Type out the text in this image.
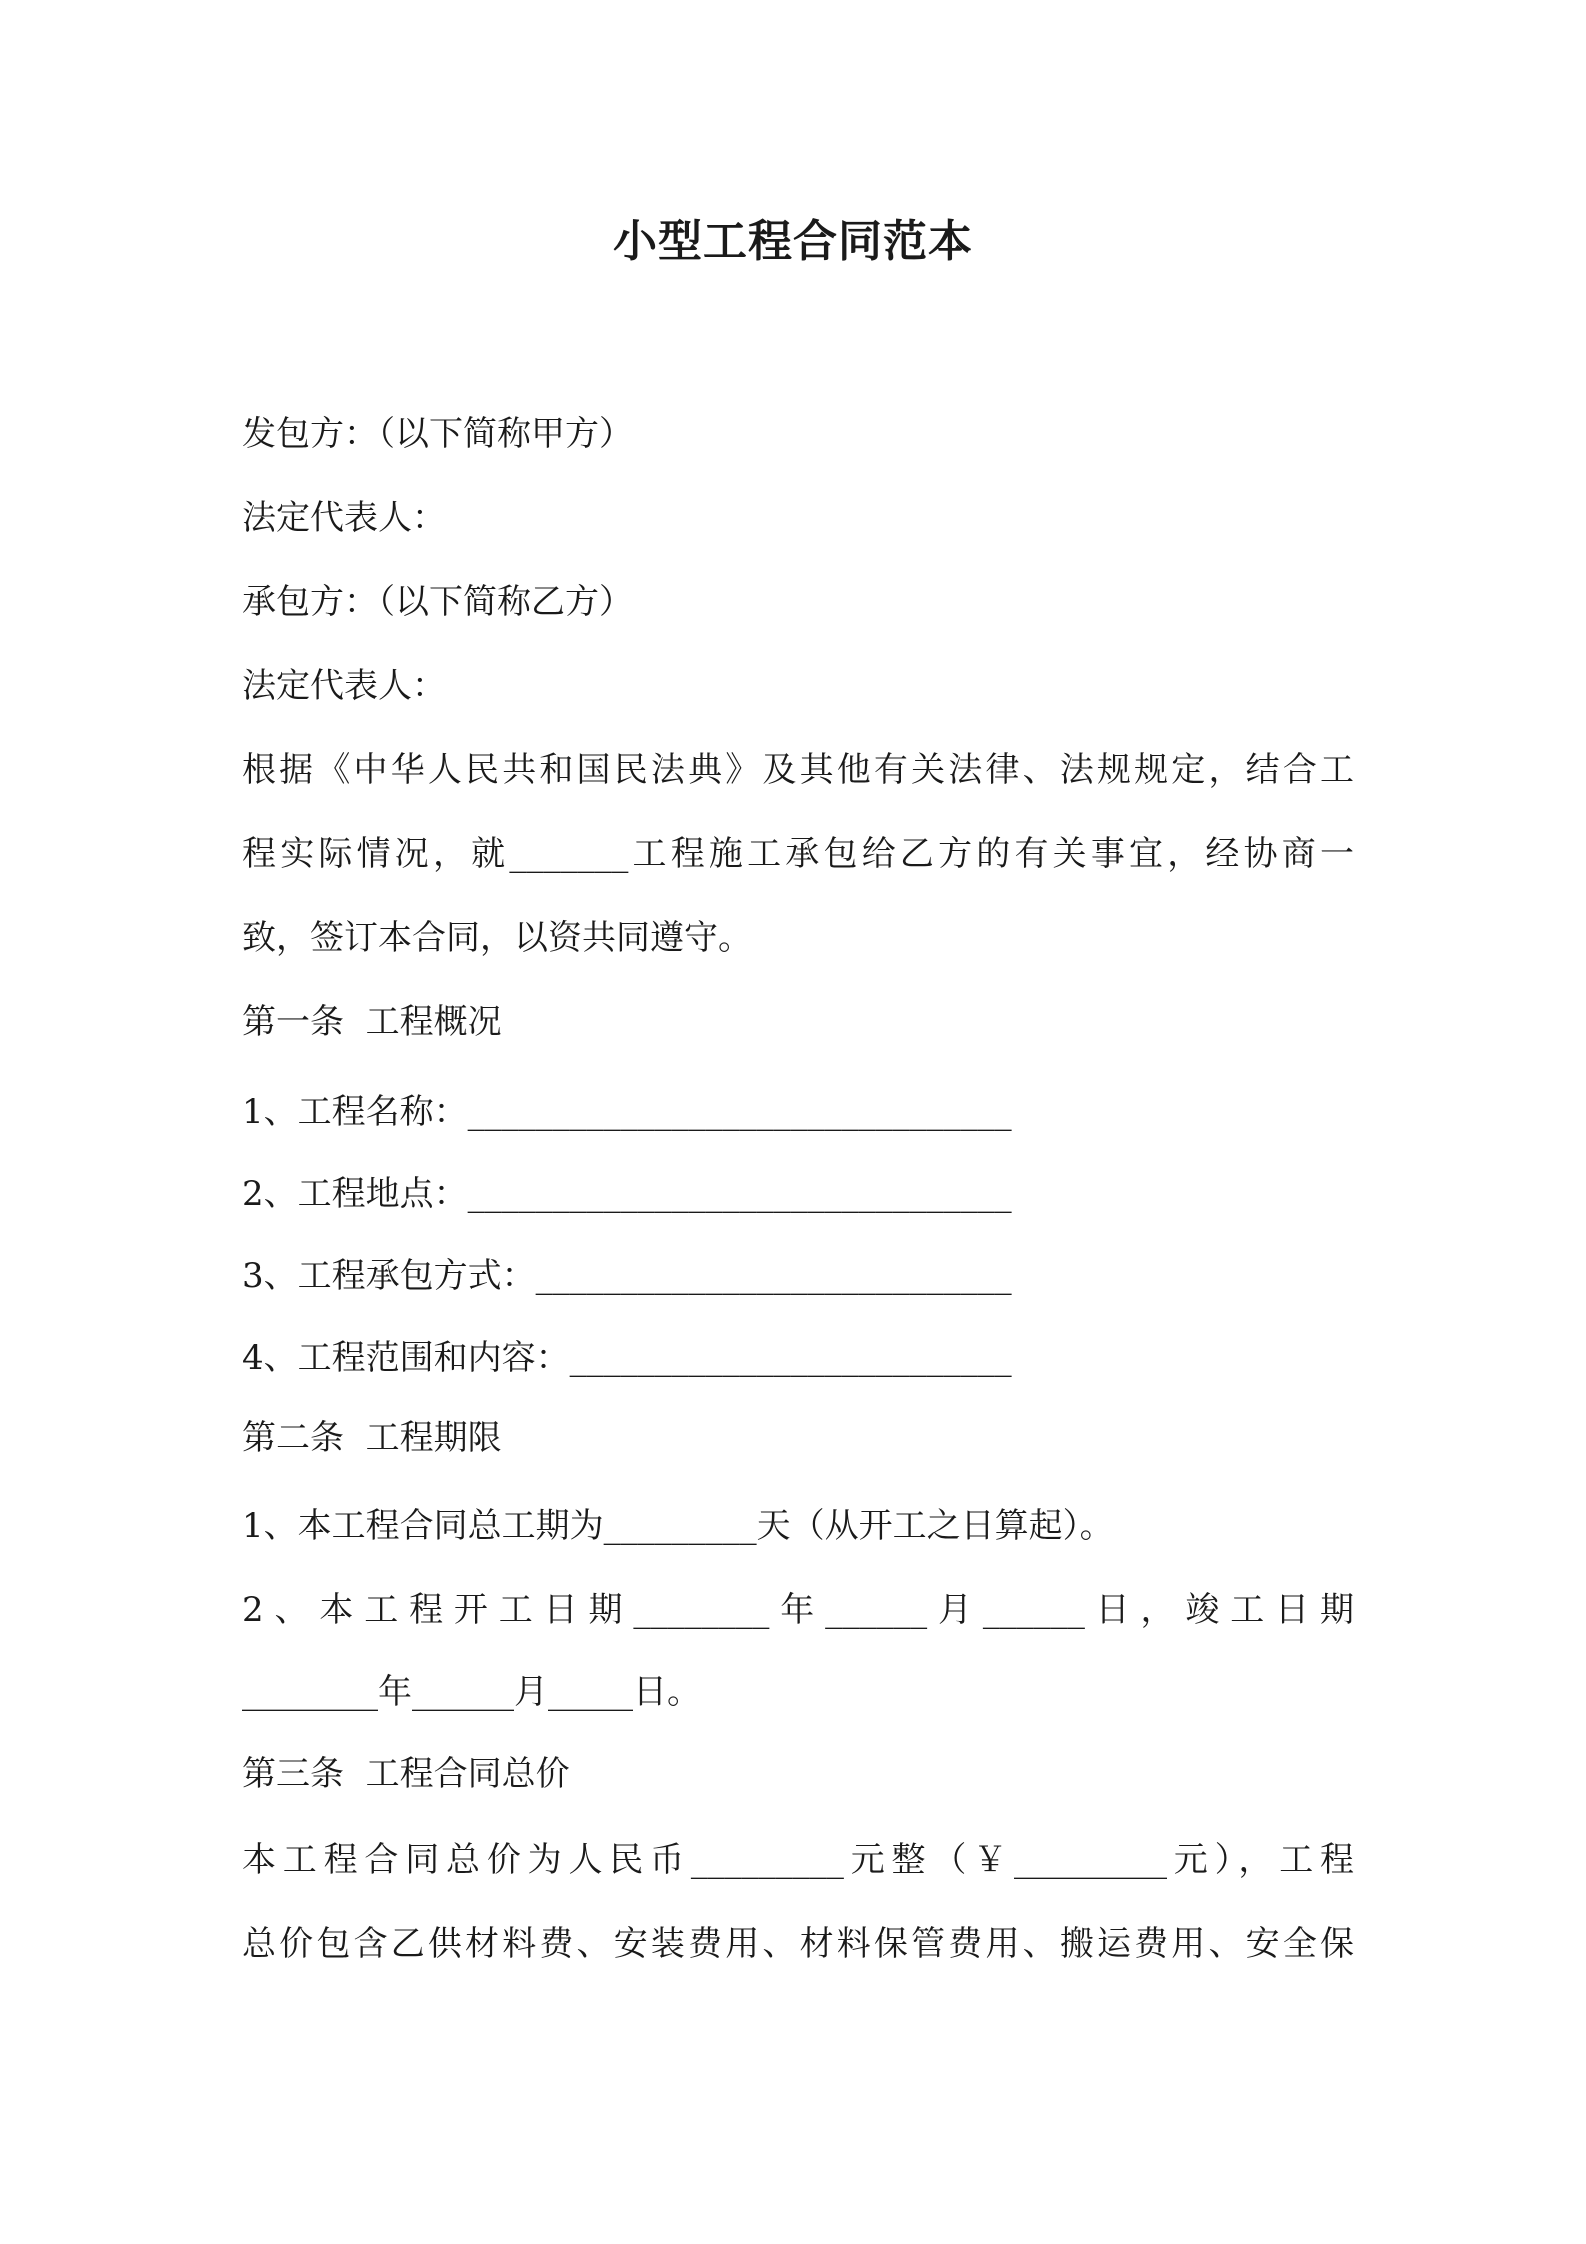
小型工程合同范本
发包方：（以下简称甲方）
法定代表人：
承包方：（以下简称乙方）
法定代表人：
根据《中华人民共和国民法典》及其他有关法律、法规规定，结合工
程实际情况，就_______工程施工承包给乙方的有关事宜，经协商一
致，签订本合同，以资共同遵守。
第一条  工程概况
1、工程名称：________________________________
2、工程地点：________________________________
3、工程承包方式：____________________________
4、工程范围和内容：__________________________
第二条  工程期限
1、本工程合同总工期为_________天（从开工之日算起）。
2、本工程开工日期________年______月______日，竣工日期
________年______月_____日。
第三条  工程合同总价
本工程合同总价为人民币_________元整（￥_________元），工程
总价包含乙供材料费、安装费用、材料保管费用、搬运费用、安全保
